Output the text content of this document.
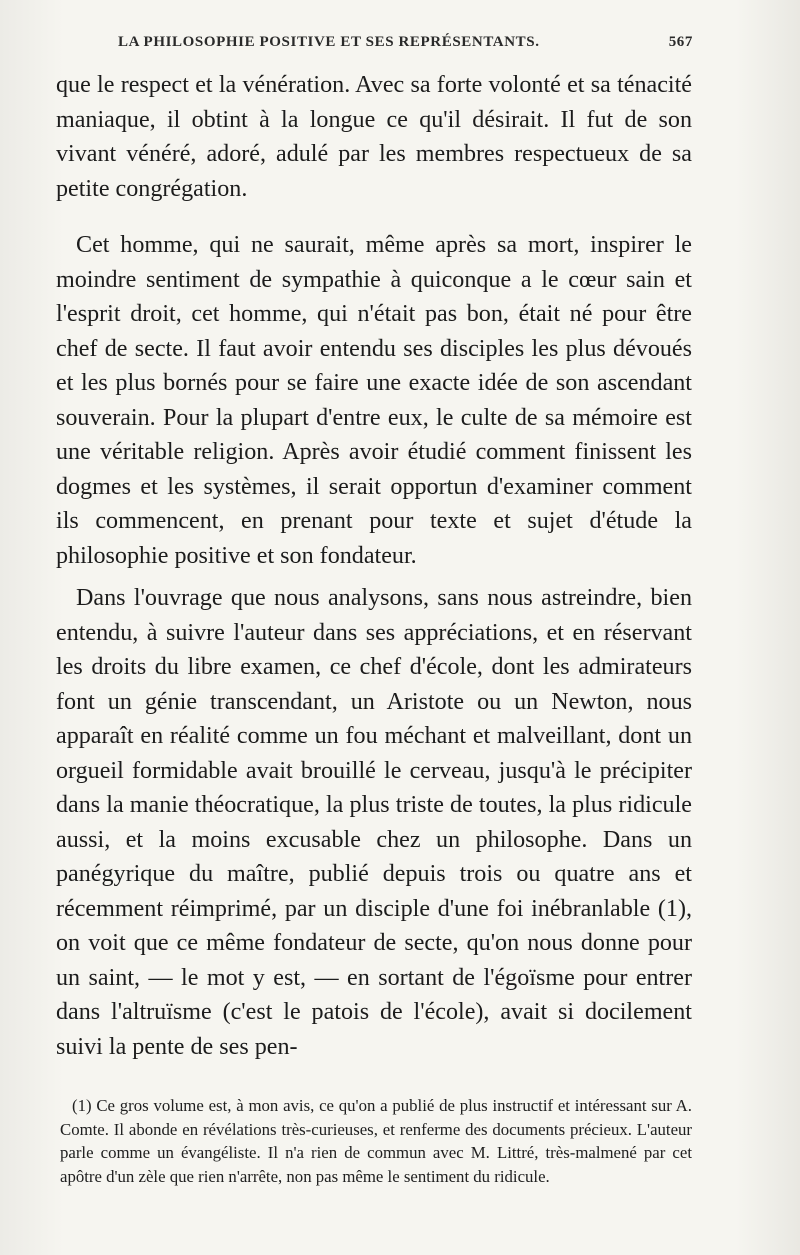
LA PHILOSOPHIE POSITIVE ET SES REPRÉSENTANTS.	567

que le respect et la vénération. Avec sa forte volonté et sa ténacité maniaque, il obtint à la longue ce qu'il désirait. Il fut de son vivant vénéré, adoré, adulé par les membres respectueux de sa petite congrégation.

Cet homme, qui ne saurait, même après sa mort, inspirer le moindre sentiment de sympathie à quiconque a le cœur sain et l'esprit droit, cet homme, qui n'était pas bon, était né pour être chef de secte. Il faut avoir entendu ses disciples les plus dévoués et les plus bornés pour se faire une exacte idée de son ascendant souverain. Pour la plupart d'entre eux, le culte de sa mémoire est une véritable religion. Après avoir étudié comment finissent les dogmes et les systèmes, il serait opportun d'examiner comment ils commencent, en prenant pour texte et sujet d'étude la philosophie positive et son fondateur.

Dans l'ouvrage que nous analysons, sans nous astreindre, bien entendu, à suivre l'auteur dans ses appréciations, et en réservant les droits du libre examen, ce chef d'école, dont les admirateurs font un génie transcendant, un Aristote ou un Newton, nous apparaît en réalité comme un fou méchant et malveillant, dont un orgueil formidable avait brouillé le cerveau, jusqu'à le précipiter dans la manie théocratique, la plus triste de toutes, la plus ridicule aussi, et la moins excusable chez un philosophe. Dans un panégyrique du maître, publié depuis trois ou quatre ans et récemment réimprimé, par un disciple d'une foi inébranlable (1), on voit que ce même fondateur de secte, qu'on nous donne pour un saint, — le mot y est, — en sortant de l'égoïsme pour entrer dans l'altruïsme (c'est le patois de l'école), avait si docilement suivi la pente de ses pen-

(1) Ce gros volume est, à mon avis, ce qu'on a publié de plus instructif et intéressant sur A. Comte. Il abonde en révélations très-curieuses, et renferme des documents précieux. L'auteur parle comme un évangéliste. Il n'a rien de commun avec M. Littré, très-malmené par cet apôtre d'un zèle que rien n'arrête, non pas même le sentiment du ridicule.
